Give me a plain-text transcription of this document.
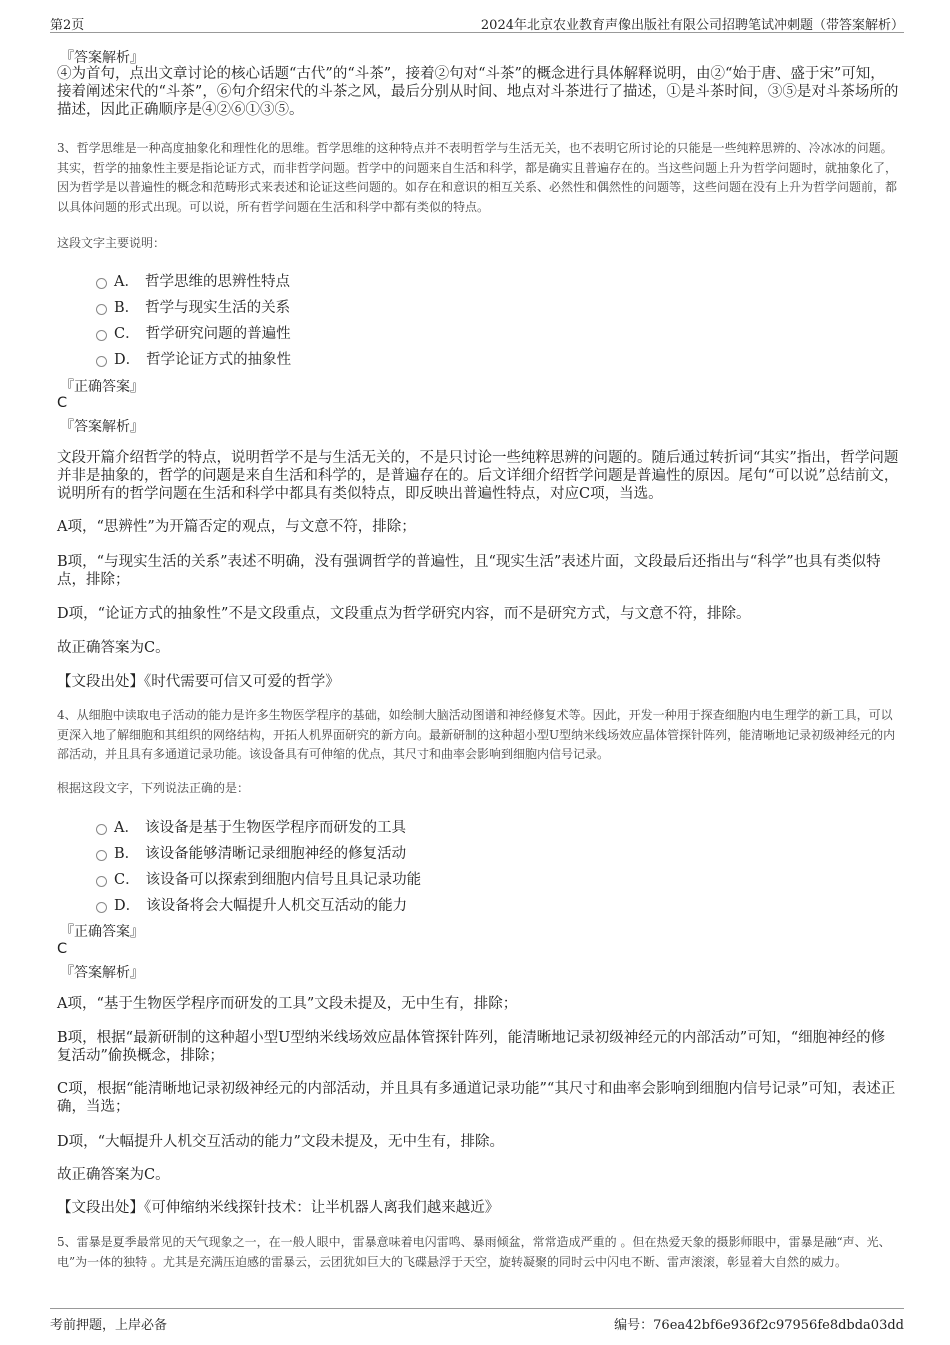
第2页	2024年北京农业教育声像出版社有限公司招聘笔试冲刺题（带答案解析）
『答案解析』
④为首句，点出文章讨论的核心话题“古代”的“斗茶”，接着②句对“斗茶”的概念进行具体解释说明，由②“始于唐、盛于宋”可知，接着阐述宋代的“斗茶”，⑥句介绍宋代的斗茶之风，最后分别从时间、地点对斗茶进行了描述，①是斗茶时间，③⑤是对斗茶场所的描述，因此正确顺序是④②⑥①③⑤。
3、哲学思维是一种高度抽象化和理性化的思维。哲学思维的这种特点并不表明哲学与生活无关，也不表明它所讨论的只能是一些纯粹思辨的、冷冰冰的问题。其实，哲学的抽象性主要是指论证方式，而非哲学问题。哲学中的问题来自生活和科学，都是确实且普遍存在的。当这些问题上升为哲学问题时，就抽象化了，因为哲学是以普遍性的概念和范畴形式来表述和论证这些问题的。如存在和意识的相互关系、必然性和偶然性的问题等，这些问题在没有上升为哲学问题前，都以具体问题的形式出现。可以说，所有哲学问题在生活和科学中都有类似的特点。
这段文字主要说明：
A． 哲学思维的思辨性特点
B． 哲学与现实生活的关系
C． 哲学研究问题的普遍性
D． 哲学论证方式的抽象性
『正确答案』
C
『答案解析』
文段开篇介绍哲学的特点，说明哲学不是与生活无关的，不是只讨论一些纯粹思辨的问题的。随后通过转折词“其实”指出，哲学问题并非是抽象的，哲学的问题是来自生活和科学的，是普遍存在的。后文详细介绍哲学问题是普遍性的原因。尾句“可以说”总结前文，说明所有的哲学问题在生活和科学中都具有类似特点，即反映出普遍性特点，对应C项，当选。
A项，“思辨性”为开篇否定的观点，与文意不符，排除；
B项，“与现实生活的关系”表述不明确，没有强调哲学的普遍性，且“现实生活”表述片面，文段最后还指出与“科学”也具有类似特点，排除；
D项，“论证方式的抽象性”不是文段重点，文段重点为哲学研究内容，而不是研究方式，与文意不符，排除。
故正确答案为C。
【文段出处】《时代需要可信又可爱的哲学》
4、从细胞中读取电子活动的能力是许多生物医学程序的基础，如绘制大脑活动图谱和神经修复术等。因此，开发一种用于探查细胞内电生理学的新工具，可以更深入地了解细胞和其组织的网络结构，开拓人机界面研究的新方向。最新研制的这种超小型U型纳米线场效应晶体管探针阵列，能清晰地记录初级神经元的内部活动，并且具有多通道记录功能。该设备具有可伸缩的优点，其尺寸和曲率会影响到细胞内信号记录。
根据这段文字，下列说法正确的是：
A． 该设备是基于生物医学程序而研发的工具
B． 该设备能够清晰记录细胞神经的修复活动
C． 该设备可以探索到细胞内信号且具记录功能
D． 该设备将会大幅提升人机交互活动的能力
『正确答案』
C
『答案解析』
A项，“基于生物医学程序而研发的工具”文段未提及，无中生有，排除；
B项，根据“最新研制的这种超小型U型纳米线场效应晶体管探针阵列，能清晰地记录初级神经元的内部活动”可知，“细胞神经的修复活动”偷换概念，排除；
C项，根据“能清晰地记录初级神经元的内部活动，并且具有多通道记录功能”“其尺寸和曲率会影响到细胞内信号记录”可知，表述正确，当选；
D项，“大幅提升人机交互活动的能力”文段未提及，无中生有，排除。
故正确答案为C。
【文段出处】《可伸缩纳米线探针技术：让半机器人离我们越来越近》
5、雷暴是夏季最常见的天气现象之一，在一般人眼中，雷暴意味着电闪雷鸣、暴雨倾盆，常常造成严重的 。但在热爱天象的摄影师眼中，雷暴是融“声、光、电”为一体的独特 。尤其是充满压迫感的雷暴云，云团犹如巨大的飞碟悬浮于天空，旋转凝聚的同时云中闪电不断、雷声滚滚，彰显着大自然的威力。
考前押题，上岸必备	编号：76ea42bf6e936f2c97956fe8dbda03dd
